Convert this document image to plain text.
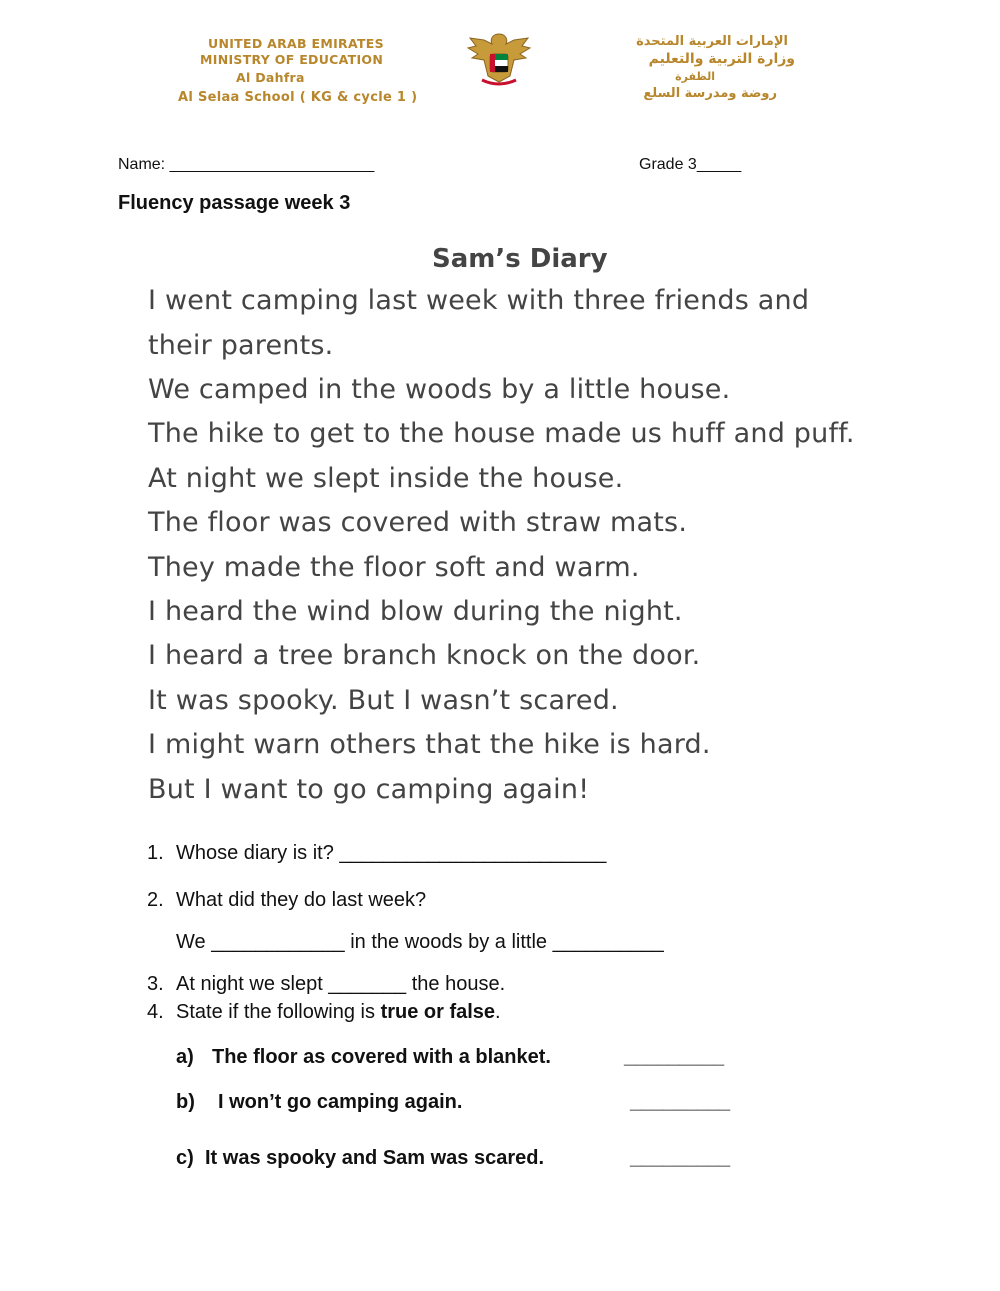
UNITED ARAB EMIRATES
MINISTRY OF EDUCATION
Al Dahfra
Al Selaa School ( KG & cycle 1 )
الإمارات العربية المتحدة
وزارة التربية والتعليم
الظفرة
روضة ومدرسة السلع
Name: _______________________	Grade 3_____
Fluency passage week 3
Sam’s Diary
I went camping last week with three friends and
their parents.
We camped in the woods by a little house.
The hike to get to the house made us huff and puff.
At night we slept inside the house.
The floor was covered with straw mats.
They made the floor soft and warm.
I heard the wind blow during the night.
I heard a tree branch knock on the door.
It was spooky. But I wasn’t scared.
I might warn others that the hike is hard.
But I want to go camping again!
1. Whose diary is it? ________________________
2. What did they do last week?
We ____________ in the woods by a little __________
3. At night we slept _______ the house.
4. State if the following is true or false.
a) The floor as covered with a blanket.	_________
b) I won’t go camping again.	_________
c) It was spooky and Sam was scared.	_________
